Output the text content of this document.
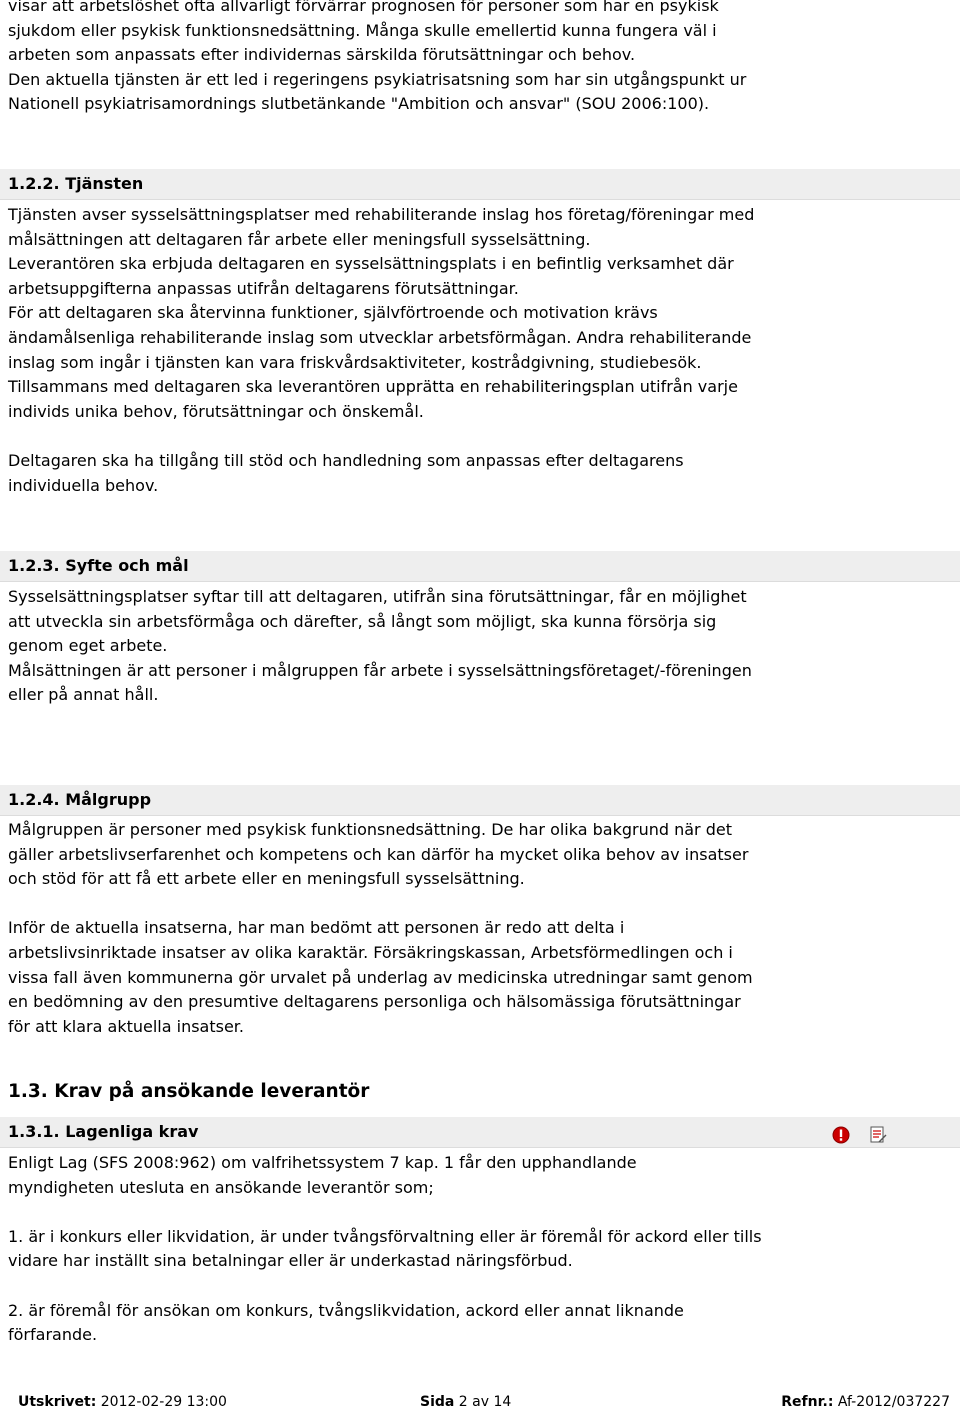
visar att arbetslöshet ofta allvarligt förvärrar prognosen för personer som har en psykisk

sjukdom eller psykisk funktionsnedsättning. Många skulle emellertid kunna fungera väl i

arbeten som anpassats efter individernas särskilda förutsättningar och behov.

Den aktuella tjänsten är ett led i regeringens psykiatrisatsning som har sin utgångspunkt ur

Nationell psykiatrisamordnings slutbetänkande "Ambition och ansvar" (SOU 2006:100).

1.2.2. Tjänsten

Tjänsten avser sysselsättningsplatser med rehabiliterande inslag hos företag/föreningar med

målsättningen att deltagaren får arbete eller meningsfull sysselsättning.

Leverantören ska erbjuda deltagaren en sysselsättningsplats i en befintlig verksamhet där

arbetsuppgifterna anpassas utifrån deltagarens förutsättningar.

För att deltagaren ska återvinna funktioner, självförtroende och motivation krävs

ändamålsenliga rehabiliterande inslag som utvecklar arbetsförmågan. Andra rehabiliterande

inslag som ingår i tjänsten kan vara friskvårdsaktiviteter, kostrådgivning, studiebesök.

Tillsammans med deltagaren ska leverantören upprätta en rehabiliteringsplan utifrån varje

individs unika behov, förutsättningar och önskemål.

Deltagaren ska ha tillgång till stöd och handledning som anpassas efter deltagarens

individuella behov.

1.2.3. Syfte och mål

Sysselsättningsplatser syftar till att deltagaren, utifrån sina förutsättningar, får en möjlighet

att utveckla sin arbetsförmåga och därefter, så långt som möjligt, ska kunna försörja sig

genom eget arbete.

Målsättningen är att personer i målgruppen får arbete i sysselsättningsföretaget/-föreningen

eller på annat håll.

1.2.4. Målgrupp

Målgruppen är personer med psykisk funktionsnedsättning. De har olika bakgrund när det

gäller arbetslivserfarenhet och kompetens och kan därför ha mycket olika behov av insatser

och stöd för att få ett arbete eller en meningsfull sysselsättning.

Inför de aktuella insatserna, har man bedömt att personen är redo att delta i

arbetslivsinriktade insatser av olika karaktär. Försäkringskassan, Arbetsförmedlingen och i

vissa fall även kommunerna gör urvalet på underlag av medicinska utredningar samt genom

en bedömning av den presumtive deltagarens personliga och hälsomässiga förutsättningar

för att klara aktuella insatser.

1.3. Krav på ansökande leverantör
1.3.1. Lagenliga krav

Enligt Lag (SFS 2008:962) om valfrihetssystem 7 kap. 1 får den upphandlande

myndigheten utesluta en ansökande leverantör som;

1. är i konkurs eller likvidation, är under tvångsförvaltning eller är föremål för ackord eller tills

vidare har inställt sina betalningar eller är underkastad näringsförbud.

2. är föremål för ansökan om konkurs, tvångslikvidation, ackord eller annat liknande

förfarande.

Utskrivet: 2012-02-29 13:00	Sida 2 av 14	Refnr.: Af-2012/037227
